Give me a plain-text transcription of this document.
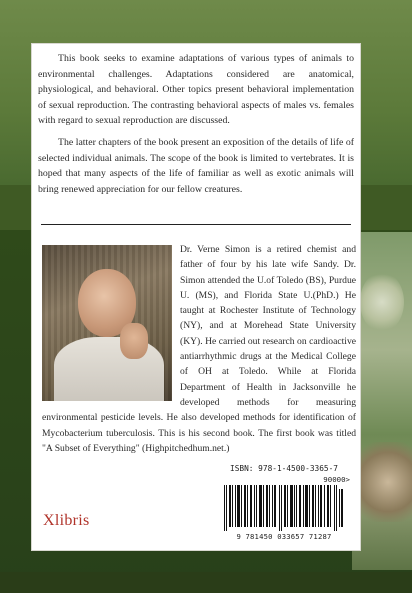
This book seeks to examine adaptations of various types of animals to environmental challenges. Adaptations considered are anatomical, physiological, and behavioral. Other topics present behavioral implementation of sexual reproduction. The contrasting behavioral aspects of males vs. females with regard to sexual reproduction are discussed.

The latter chapters of the book present an exposition of the details of life of selected individual animals. The scope of the book is limited to vertebrates. It is hoped that many aspects of the life of familiar as well as exotic animals will bring renewed appreciation for our fellow creatures.

Dr. Verne Simon is a retired chemist and father of four by his late wife Sandy. Dr. Simon attended the U.of Toledo (BS), Purdue U. (MS), and Florida State U.(PhD.) He taught at Rochester Institute of Technology (NY), and at Morehead State University (KY). He carried out research on cardioactive antiarrhythmic drugs at the Medical College of OH at Toledo. While at Florida Department of Health in Jacksonville he developed methods for measuring environmental pesticide levels. He also developed methods for identification of Mycobacterium tuberculosis. This is his second book. The first book was titled "A Subset of Everything" (Highpitchedhum.net.)
ISBN: 978-1-4500-3365-7
90000>
9 781450 033657 71287
Xlibris
